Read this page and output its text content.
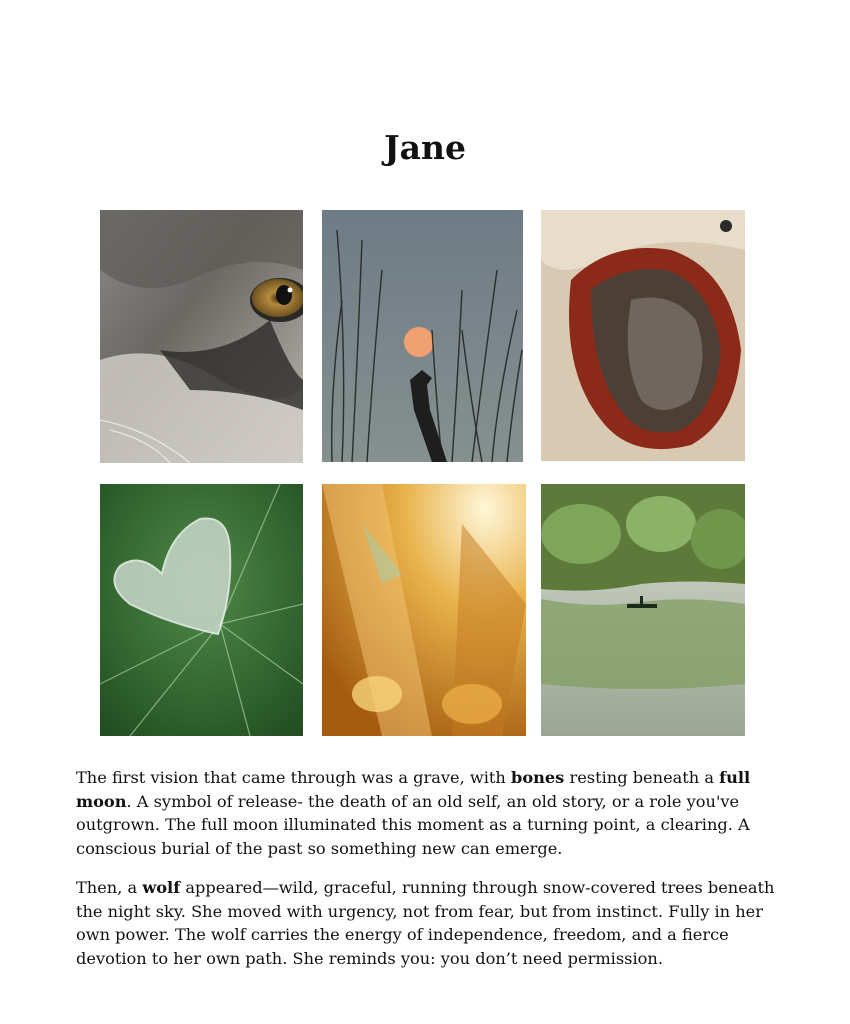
Jane

The first vision that came through was a grave, with bones resting beneath a full moon. A symbol of release- the death of an old self, an old story, or a role you've outgrown. The full moon illuminated this moment as a turning point, a clearing. A conscious burial of the past so something new can emerge.

Then, a wolf appeared—wild, graceful, running through snow-covered trees beneath the night sky. She moved with urgency, not from fear, but from instinct. Fully in her own power. The wolf carries the energy of independence, freedom, and a fierce devotion to her own path. She reminds you: you don’t need permission.
